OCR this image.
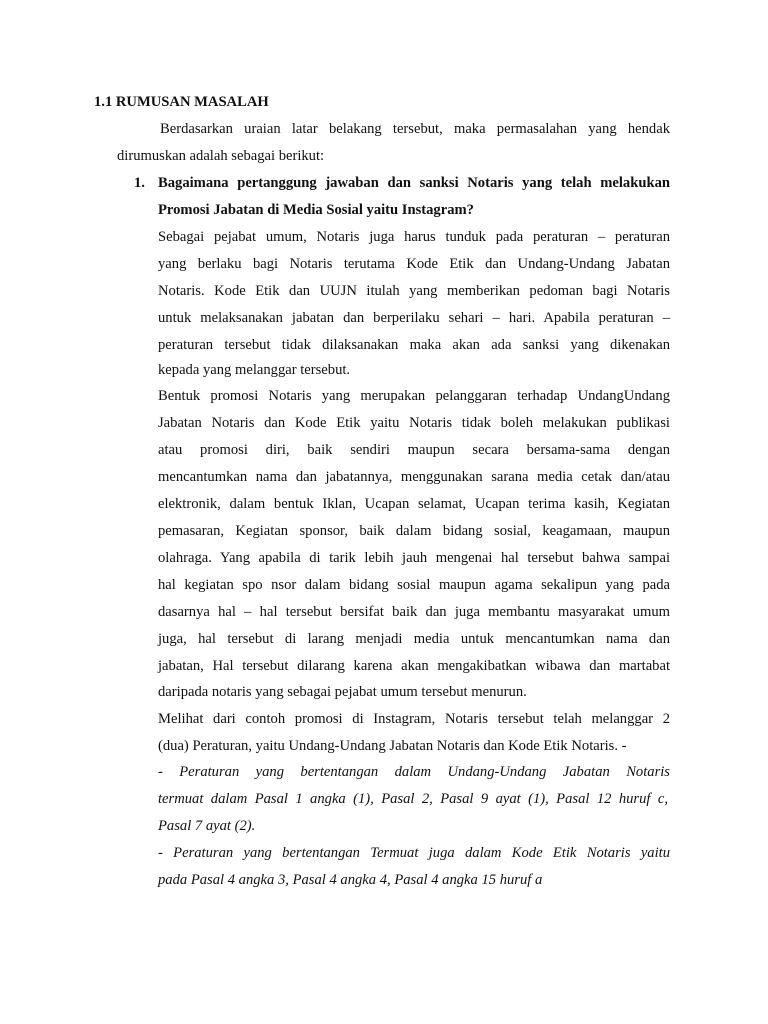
1.1 RUMUSAN MASALAH
Berdasarkan uraian latar belakang tersebut, maka permasalahan yang hendak
dirumuskan adalah sebagai berikut:
1. Bagaimana pertanggung jawaban dan sanksi Notaris yang telah melakukan
Promosi Jabatan di Media Sosial yaitu Instagram?
Sebagai pejabat umum, Notaris juga harus tunduk pada peraturan – peraturan
yang berlaku bagi Notaris terutama Kode Etik dan Undang-Undang Jabatan
Notaris. Kode Etik dan UUJN itulah yang memberikan pedoman bagi Notaris
untuk melaksanakan jabatan dan berperilaku sehari – hari. Apabila peraturan –
peraturan tersebut tidak dilaksanakan maka akan ada sanksi yang dikenakan
kepada yang melanggar tersebut.
Bentuk promosi Notaris yang merupakan pelanggaran terhadap UndangUndang
Jabatan Notaris dan Kode Etik yaitu Notaris tidak boleh melakukan publikasi
atau promosi diri, baik sendiri maupun secara bersama-sama dengan
mencantumkan nama dan jabatannya, menggunakan sarana media cetak dan/atau
elektronik, dalam bentuk Iklan, Ucapan selamat, Ucapan terima kasih, Kegiatan
pemasaran, Kegiatan sponsor, baik dalam bidang sosial, keagamaan, maupun
olahraga. Yang apabila di tarik lebih jauh mengenai hal tersebut bahwa sampai
hal kegiatan spo nsor dalam bidang sosial maupun agama sekalipun yang pada
dasarnya hal – hal tersebut bersifat baik dan juga membantu masyarakat umum
juga, hal tersebut di larang menjadi media untuk mencantumkan nama dan
jabatan, Hal tersebut dilarang karena akan mengakibatkan wibawa dan martabat
daripada notaris yang sebagai pejabat umum tersebut menurun.
Melihat dari contoh promosi di Instagram, Notaris tersebut telah melanggar 2
(dua) Peraturan, yaitu Undang-Undang Jabatan Notaris dan Kode Etik Notaris. -
- Peraturan yang bertentangan dalam Undang-Undang Jabatan Notaris
termuat dalam Pasal 1 angka (1), Pasal 2, Pasal 9 ayat (1), Pasal 12 huruf c,
Pasal 7 ayat (2).
- Peraturan yang bertentangan Termuat juga dalam Kode Etik Notaris yaitu
pada Pasal 4 angka 3, Pasal 4 angka 4, Pasal 4 angka 15 huruf a
